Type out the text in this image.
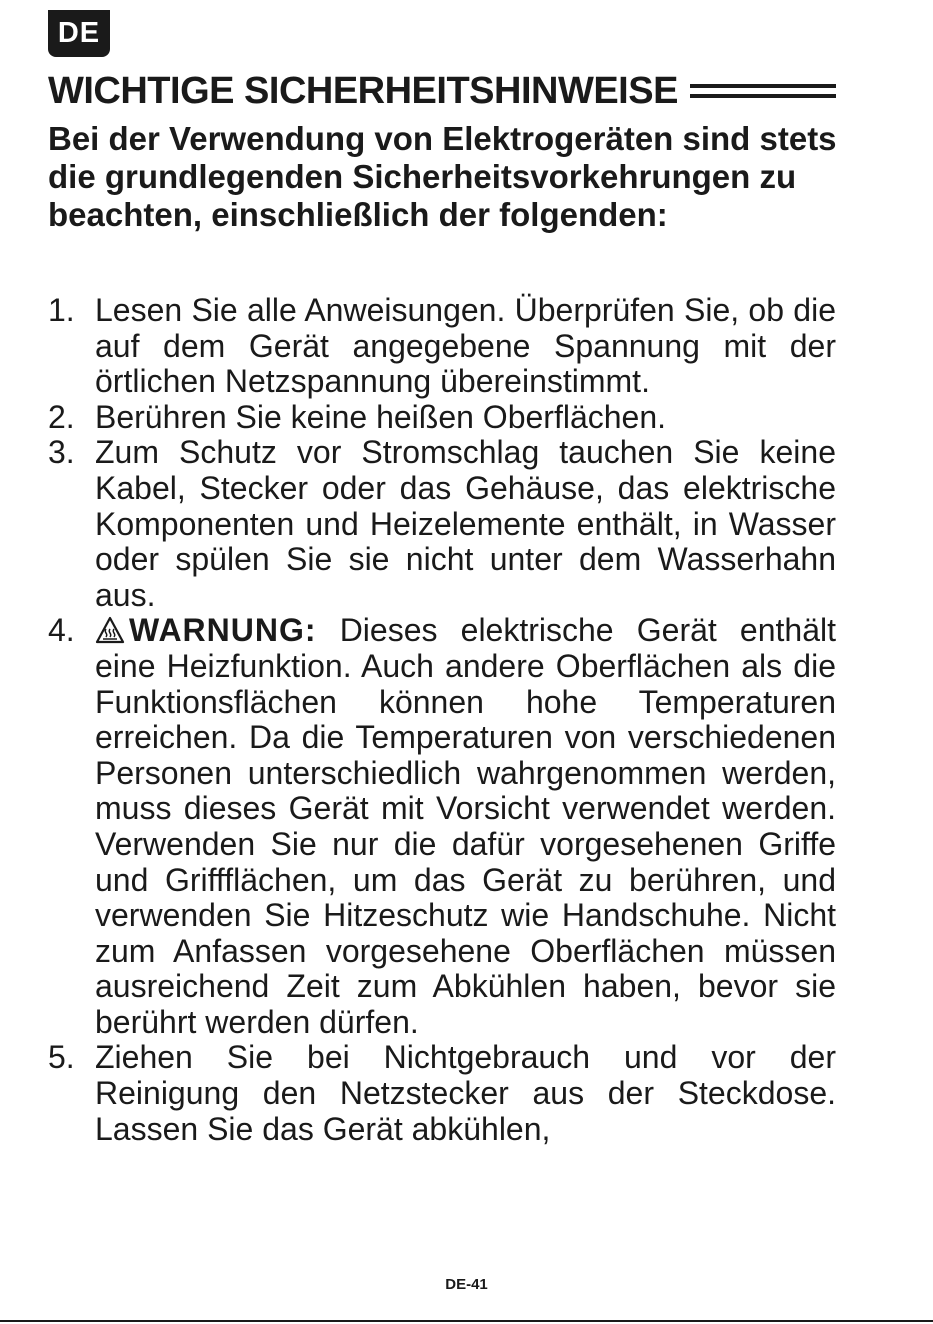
DE
WICHTIGE SICHERHEITSHINWEISE
Bei der Verwendung von Elektrogeräten sind stets die grundlegenden Sicherheitsvorkehrungen zu beachten, einschließlich der folgenden:
1. Lesen Sie alle Anweisungen. Überprüfen Sie, ob die auf dem Gerät angegebene Spannung mit der örtlichen Netzspannung übereinstimmt.
2. Berühren Sie keine heißen Oberflächen.
3. Zum Schutz vor Stromschlag tauchen Sie keine Kabel, Stecker oder das Gehäuse, das elektrische Komponenten und Heizelemente enthält, in Wasser oder spülen Sie sie nicht unter dem Wasserhahn aus.
4.	WARNUNG: Dieses elektrische Gerät enthält eine Heizfunktion. Auch andere Oberflächen als die Funktionsflächen können hohe Temperaturen erreichen. Da die Temperaturen von verschiedenen Personen unterschiedlich wahrgenommen werden, muss dieses Gerät mit Vorsicht verwendet werden. Verwenden Sie nur die dafür vorgesehenen Griffe und Griffflächen, um das Gerät zu berühren, und verwenden Sie Hitzeschutz wie Handschuhe. Nicht zum Anfassen vorgesehene Oberflächen müssen ausreichend Zeit zum Abkühlen haben, bevor sie berührt werden dürfen.
5. Ziehen Sie bei Nichtgebrauch und vor der Reinigung den Netzstecker aus der Steckdose. Lassen Sie das Gerät abkühlen,
DE-41
